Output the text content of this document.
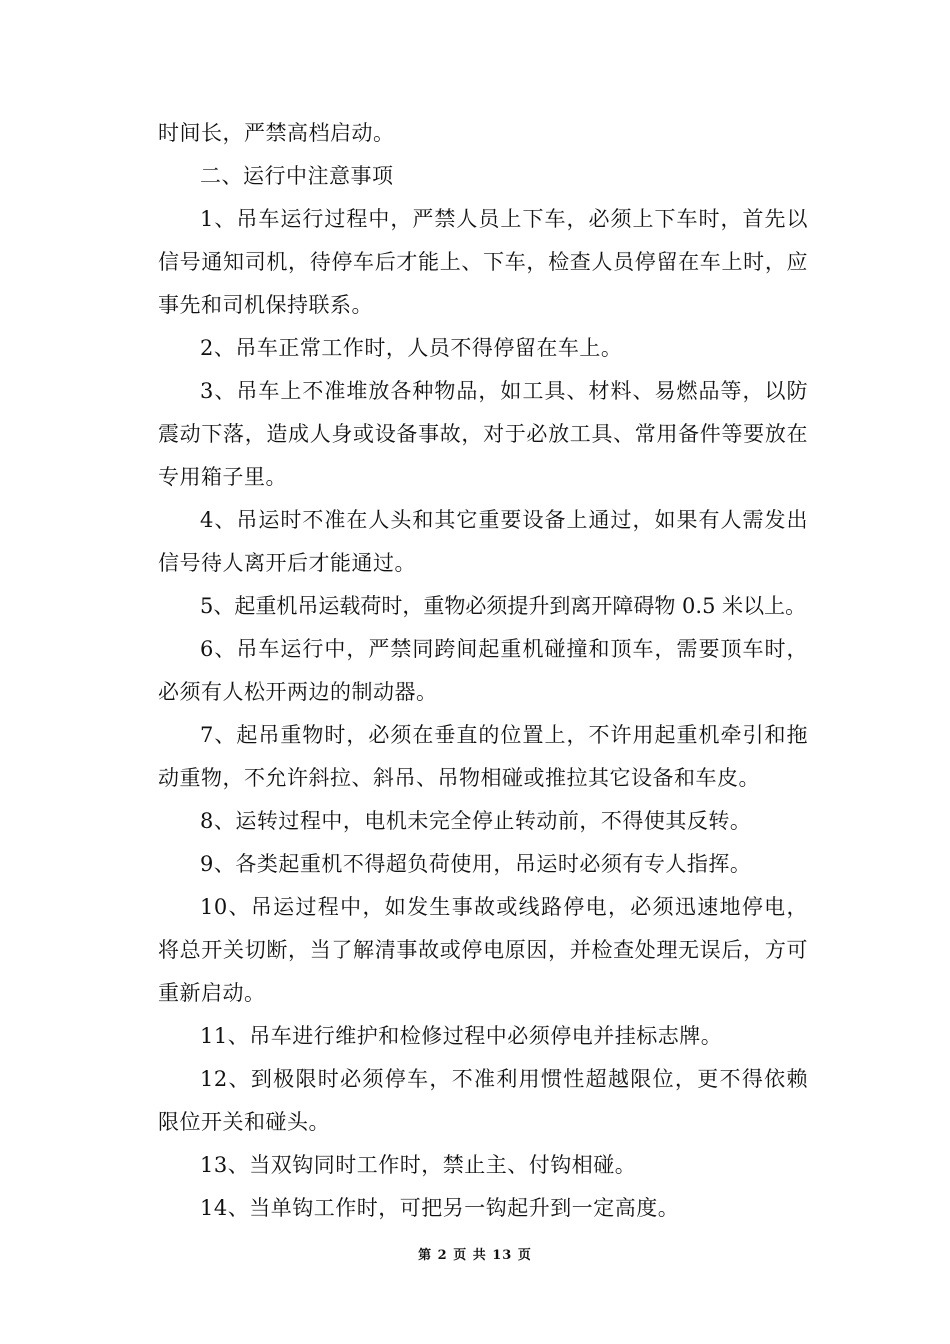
时间长，严禁高档启动。

二、运行中注意事项

1、吊车运行过程中，严禁人员上下车，必须上下车时，首先以信号通知司机，待停车后才能上、下车，检查人员停留在车上时，应事先和司机保持联系。

2、吊车正常工作时，人员不得停留在车上。

3、吊车上不准堆放各种物品，如工具、材料、易燃品等，以防震动下落，造成人身或设备事故，对于必放工具、常用备件等要放在专用箱子里。

4、吊运时不准在人头和其它重要设备上通过，如果有人需发出信号待人离开后才能通过。

5、起重机吊运载荷时，重物必须提升到离开障碍物 0.5 米以上。

6、吊车运行中，严禁同跨间起重机碰撞和顶车，需要顶车时，必须有人松开两边的制动器。

7、起吊重物时，必须在垂直的位置上，不许用起重机牵引和拖动重物，不允许斜拉、斜吊、吊物相碰或推拉其它设备和车皮。

8、运转过程中，电机未完全停止转动前，不得使其反转。

9、各类起重机不得超负荷使用，吊运时必须有专人指挥。

10、吊运过程中，如发生事故或线路停电，必须迅速地停电，将总开关切断，当了解清事故或停电原因，并检查处理无误后，方可重新启动。

11、吊车进行维护和检修过程中必须停电并挂标志牌。

12、到极限时必须停车，不准利用惯性超越限位，更不得依赖限位开关和碰头。

13、当双钩同时工作时，禁止主、付钩相碰。

14、当单钩工作时，可把另一钩起升到一定高度。

第 2 页 共 13 页
